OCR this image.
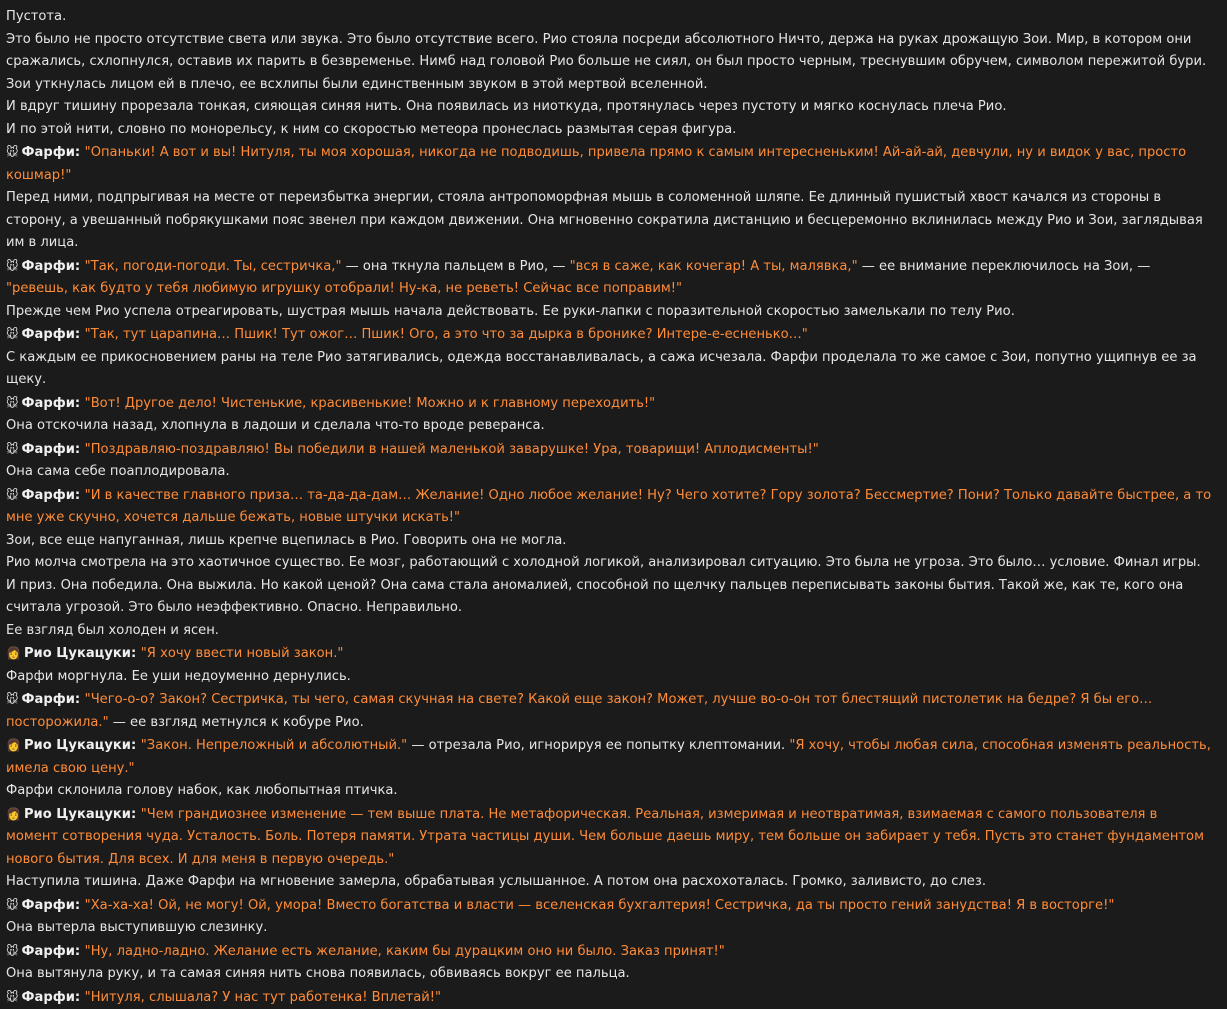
Пустота.
Это было не просто отсутствие света или звука. Это было отсутствие всего. Рио стояла посреди абсолютного Ничто, держа на руках дрожащую Зои. Мир, в котором они сражались, схлопнулся, оставив их парить в безвременье. Нимб над головой Рио больше не сиял, он был просто черным, треснувшим обручем, символом пережитой бури. Зои уткнулась лицом ей в плечо, ее всхлипы были единственным звуком в этой мертвой вселенной.
И вдруг тишину прорезала тонкая, сияющая синяя нить. Она появилась из ниоткуда, протянулась через пустоту и мягко коснулась плеча Рио.
И по этой нити, словно по монорельсу, к ним со скоростью метеора пронеслась размытая серая фигура.
🐭 Фарфи: "Опаньки! А вот и вы! Нитуля, ты моя хорошая, никогда не подводишь, привела прямо к самым интересненьким! Ай-ай-ай, девчули, ну и видок у вас, просто кошмар!"
Перед ними, подпрыгивая на месте от переизбытка энергии, стояла антропоморфная мышь в соломенной шляпе. Ее длинный пушистый хвост качался из стороны в сторону, а увешанный побрякушками пояс звенел при каждом движении. Она мгновенно сократила дистанцию и бесцеремонно вклинилась между Рио и Зои, заглядывая им в лица.
🐭 Фарфи: "Так, погоди-погоди. Ты, сестричка," — она ткнула пальцем в Рио, — "вся в саже, как кочегар! А ты, малявка," — ее внимание переключилось на Зои, — "ревешь, как будто у тебя любимую игрушку отобрали! Ну-ка, не реветь! Сейчас все поправим!"
Прежде чем Рио успела отреагировать, шустрая мышь начала действовать. Ее руки-лапки с поразительной скоростью замелькали по телу Рио.
🐭 Фарфи: "Так, тут царапина… Пшик! Тут ожог… Пшик! Ого, а это что за дырка в бронике? Интере-е-есненько…"
С каждым ее прикосновением раны на теле Рио затягивались, одежда восстанавливалась, а сажа исчезала. Фарфи проделала то же самое с Зои, попутно ущипнув ее за щеку.
🐭 Фарфи: "Вот! Другое дело! Чистенькие, красивенькие! Можно и к главному переходить!"
Она отскочила назад, хлопнула в ладоши и сделала что-то вроде реверанса.
🐭 Фарфи: "Поздравляю-поздравляю! Вы победили в нашей маленькой заварушке! Ура, товарищи! Аплодисменты!"
Она сама себе поаплодировала.
🐭 Фарфи: "И в качестве главного приза… та-да-да-дам… Желание! Одно любое желание! Ну? Чего хотите? Гору золота? Бессмертие? Пони? Только давайте быстрее, а то мне уже скучно, хочется дальше бежать, новые штучки искать!"
Зои, все еще напуганная, лишь крепче вцепилась в Рио. Говорить она не могла.
Рио молча смотрела на это хаотичное существо. Ее мозг, работающий с холодной логикой, анализировал ситуацию. Это была не угроза. Это было… условие. Финал игры. И приз. Она победила. Она выжила. Но какой ценой? Она сама стала аномалией, способной по щелчку пальцев переписывать законы бытия. Такой же, как те, кого она считала угрозой. Это было неэффективно. Опасно. Неправильно.
Ее взгляд был холоден и ясен.
👩 Рио Цукацуки: "Я хочу ввести новый закон."
Фарфи моргнула. Ее уши недоуменно дернулись.
🐭 Фарфи: "Чего-о-о? Закон? Сестричка, ты чего, самая скучная на свете? Какой еще закон? Может, лучше во-о-он тот блестящий пистолетик на бедре? Я бы его… посторожила." — ее взгляд метнулся к кобуре Рио.
👩 Рио Цукацуки: "Закон. Непреложный и абсолютный." — отрезала Рио, игнорируя ее попытку клептомании. "Я хочу, чтобы любая сила, способная изменять реальность, имела свою цену."
Фарфи склонила голову набок, как любопытная птичка.
👩 Рио Цукацуки: "Чем грандиознее изменение — тем выше плата. Не метафорическая. Реальная, измеримая и неотвратимая, взимаемая с самого пользователя в момент сотворения чуда. Усталость. Боль. Потеря памяти. Утрата частицы души. Чем больше даешь миру, тем больше он забирает у тебя. Пусть это станет фундаментом нового бытия. Для всех. И для меня в первую очередь."
Наступила тишина. Даже Фарфи на мгновение замерла, обрабатывая услышанное. А потом она расхохоталась. Громко, заливисто, до слез.
🐭 Фарфи: "Ха-ха-ха! Ой, не могу! Ой, умора! Вместо богатства и власти — вселенская бухгалтерия! Сестричка, да ты просто гений занудства! Я в восторге!"
Она вытерла выступившую слезинку.
🐭 Фарфи: "Ну, ладно-ладно. Желание есть желание, каким бы дурацким оно ни было. Заказ принят!"
Она вытянула руку, и та самая синяя нить снова появилась, обвиваясь вокруг ее пальца.
🐭 Фарфи: "Нитуля, слышала? У нас тут работенка! Вплетай!"
